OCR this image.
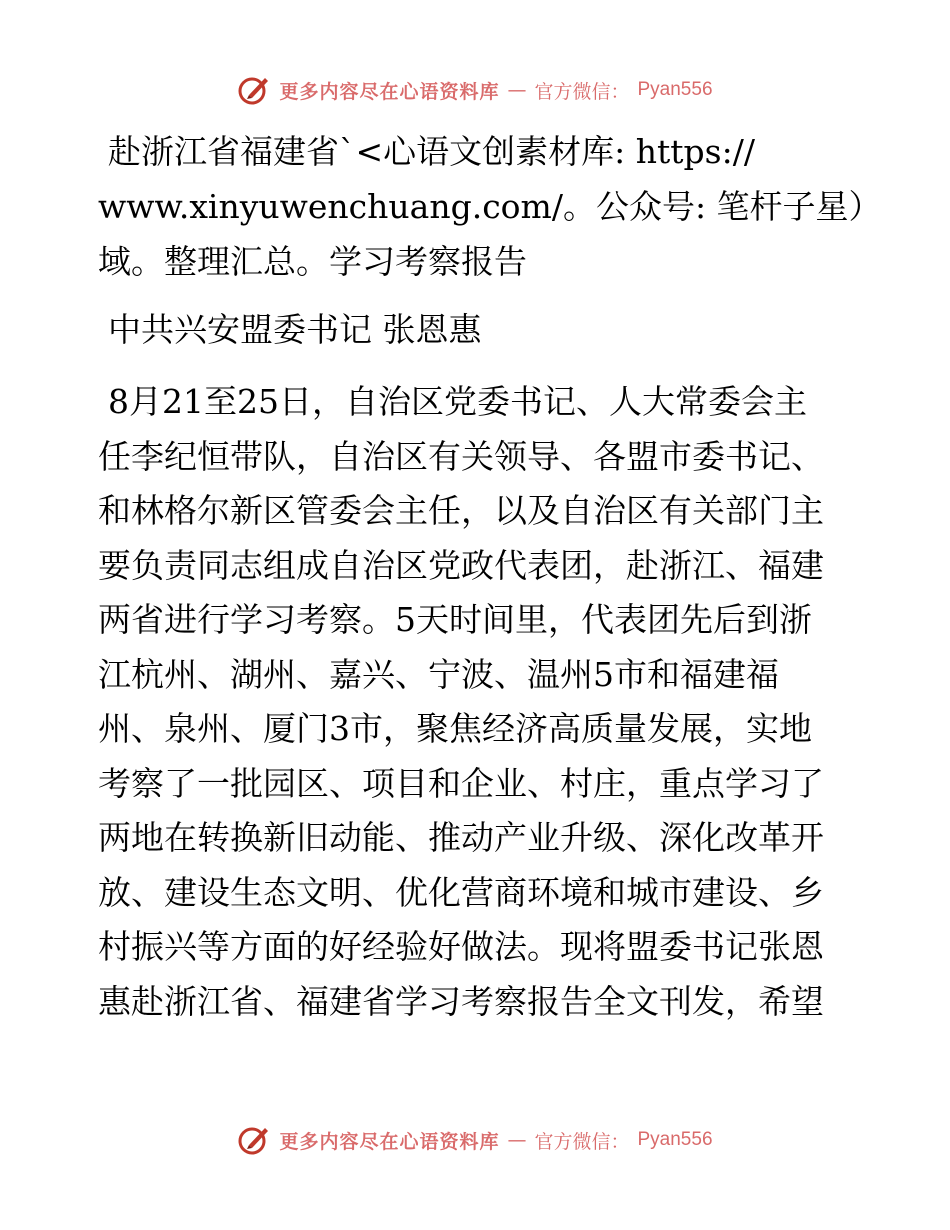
更多内容尽在心语资料库 — 官方微信： Pyan556
赴浙江省福建省`<心语文创素材库: https://
www.xinyuwenchuang.com/。公众号: 笔杆子星）
域。整理汇总。学习考察报告
中共兴安盟委书记 张恩惠
8月21至25日，自治区党委书记、人大常委会主
任李纪恒带队，自治区有关领导、各盟市委书记、
和林格尔新区管委会主任，以及自治区有关部门主
要负责同志组成自治区党政代表团，赴浙江、福建
两省进行学习考察。5天时间里，代表团先后到浙
江杭州、湖州、嘉兴、宁波、温州5市和福建福
州、泉州、厦门3市，聚焦经济高质量发展，实地
考察了一批园区、项目和企业、村庄，重点学习了
两地在转换新旧动能、推动产业升级、深化改革开
放、建设生态文明、优化营商环境和城市建设、乡
村振兴等方面的好经验好做法。现将盟委书记张恩
惠赴浙江省、福建省学习考察报告全文刊发，希望
更多内容尽在心语资料库 — 官方微信： Pyan556
